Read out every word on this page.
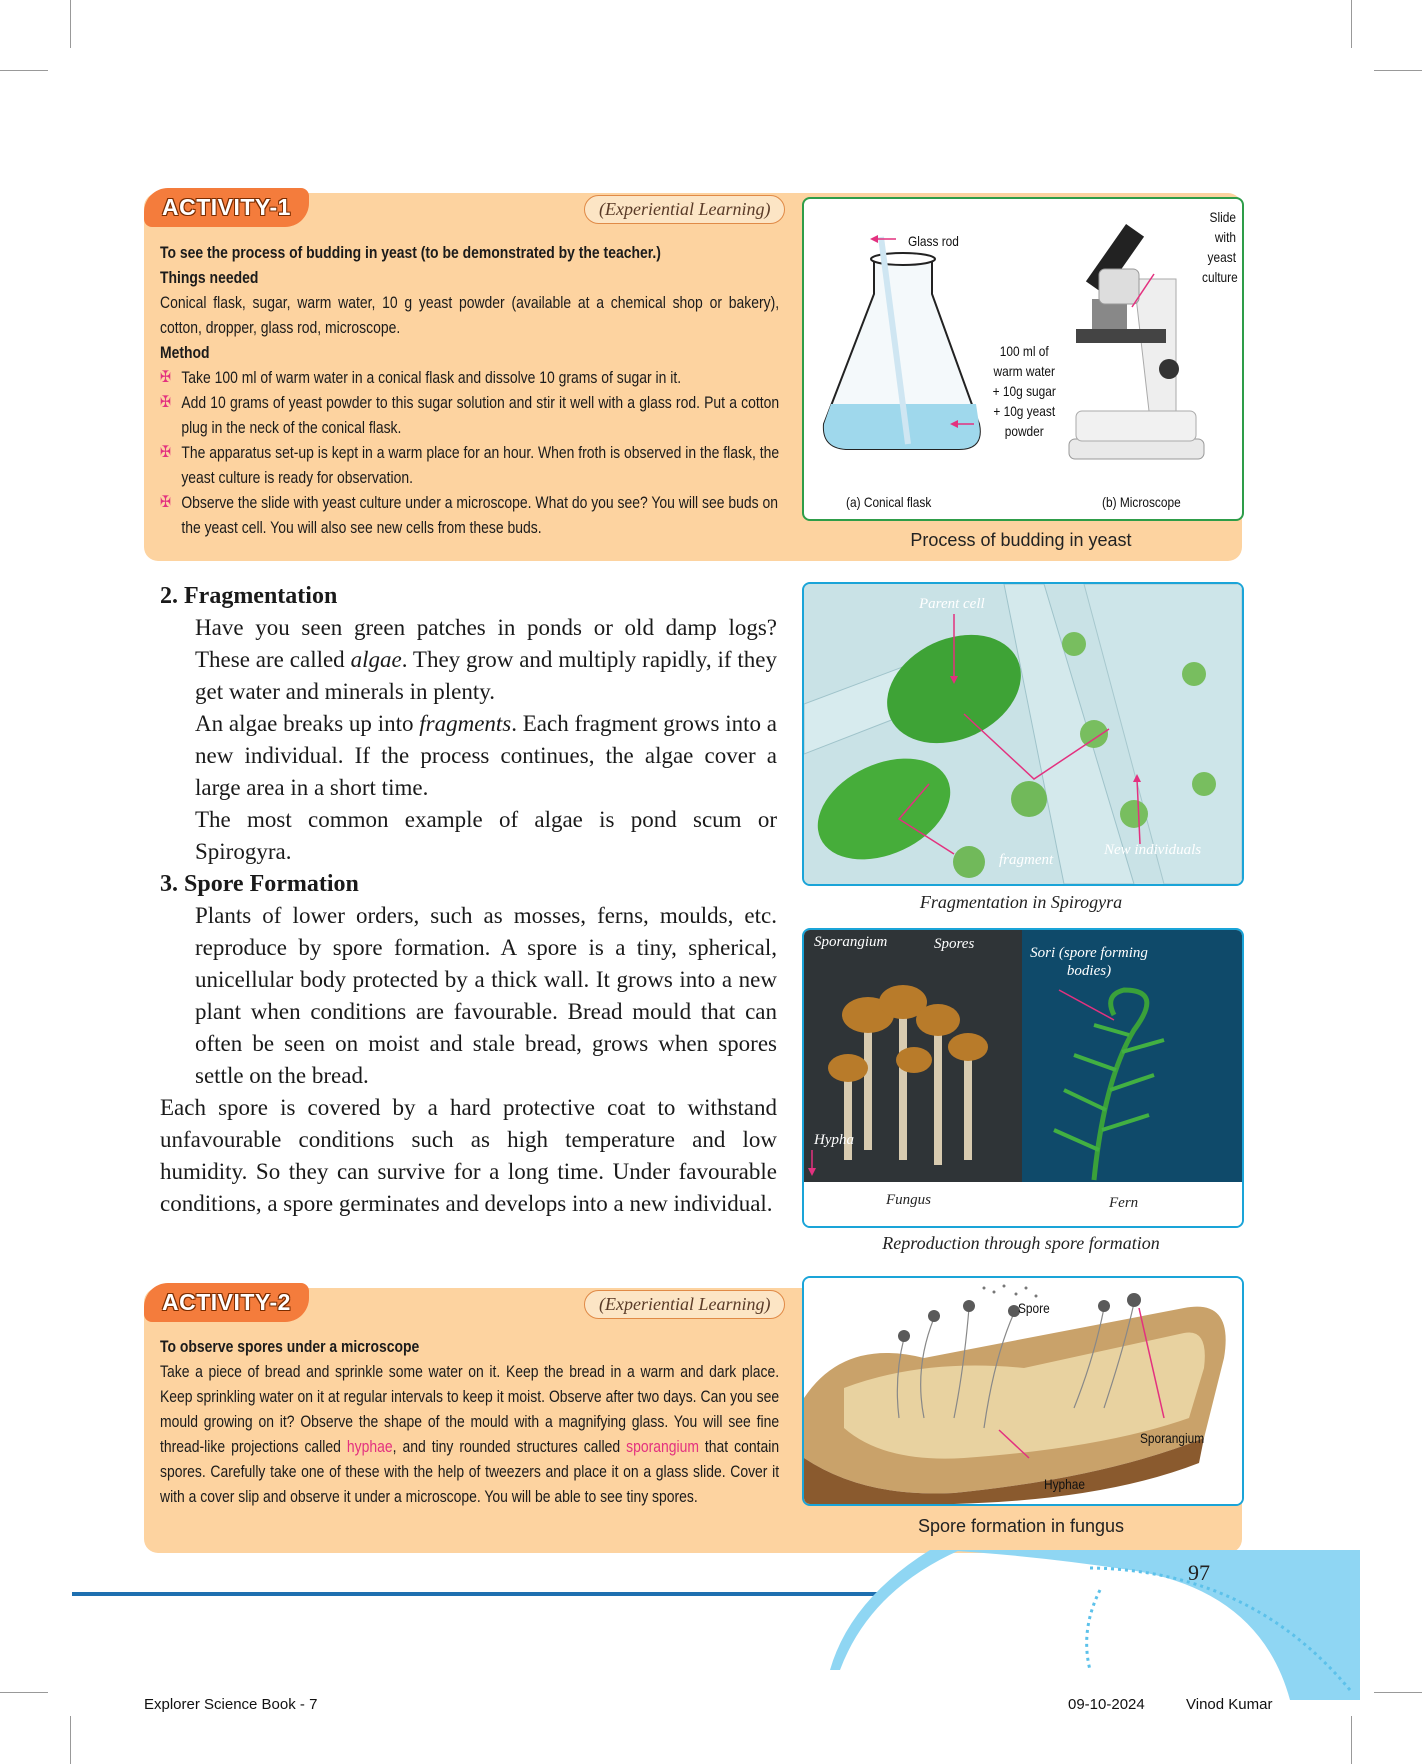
ACTIVITY-1	(Experiential Learning)
To see the process of budding in yeast (to be demonstrated by the teacher.)
Things needed
Conical flask, sugar, warm water, 10 g yeast powder (available at a chemical shop or bakery), cotton, dropper, glass rod, microscope.
Method
✠ Take 100 ml of warm water in a conical flask and dissolve 10 grams of sugar in it.
✠ Add 10 grams of yeast powder to this sugar solution and stir it well with a glass rod. Put a cotton plug in the neck of the conical flask.
✠ The apparatus set-up is kept in a warm place for an hour. When froth is observed in the flask, the yeast culture is ready for observation.
✠ Observe the slide with yeast culture under a microscope. What do you see? You will see buds on the yeast cell. You will also see new cells from these buds.
Glass rod
Slide
with
yeast
culture
100 ml of
warm water
+ 10g sugar
+ 10g yeast
powder
(a) Conical flask	(b) Microscope
Process of budding in yeast
2. Fragmentation
Have you seen green patches in ponds or old damp logs? These are called algae. They grow and multiply rapidly, if they get water and minerals in plenty.
An algae breaks up into fragments. Each fragment grows into a new individual. If the process continues, the algae cover a large area in a short time.
The most common example of algae is pond scum or Spirogyra.
3. Spore Formation
Plants of lower orders, such as mosses, ferns, moulds, etc. reproduce by spore formation. A spore is a tiny, spherical, unicellular body protected by a thick wall. It grows into a new plant when conditions are favourable. Bread mould that can often be seen on moist and stale bread, grows when spores settle on the bread.
Each spore is covered by a hard protective coat to withstand unfavourable conditions such as high temperature and low humidity. So they can survive for a long time. Under favourable conditions, a spore germinates and develops into a new individual.
Parent cell
fragment
New individuals
Fragmentation in Spirogyra
Sporangium	Spores
Sori (spore forming bodies)
Hypha
Fungus	Fern
Reproduction through spore formation
ACTIVITY-2	(Experiential Learning)
To observe spores under a microscope
Take a piece of bread and sprinkle some water on it. Keep the bread in a warm and dark place. Keep sprinkling water on it at regular intervals to keep it moist. Observe after two days. Can you see mould growing on it? Observe the shape of the mould with a magnifying glass. You will see fine thread-like projections called hyphae, and tiny rounded structures called sporangium that contain spores. Carefully take one of these with the help of tweezers and place it on a glass slide. Cover it with a cover slip and observe it under a microscope. You will be able to see tiny spores.
Spore
Sporangium
Hyphae
Spore formation in fungus
97
Explorer Science Book - 7	09-10-2024	Vinod Kumar
